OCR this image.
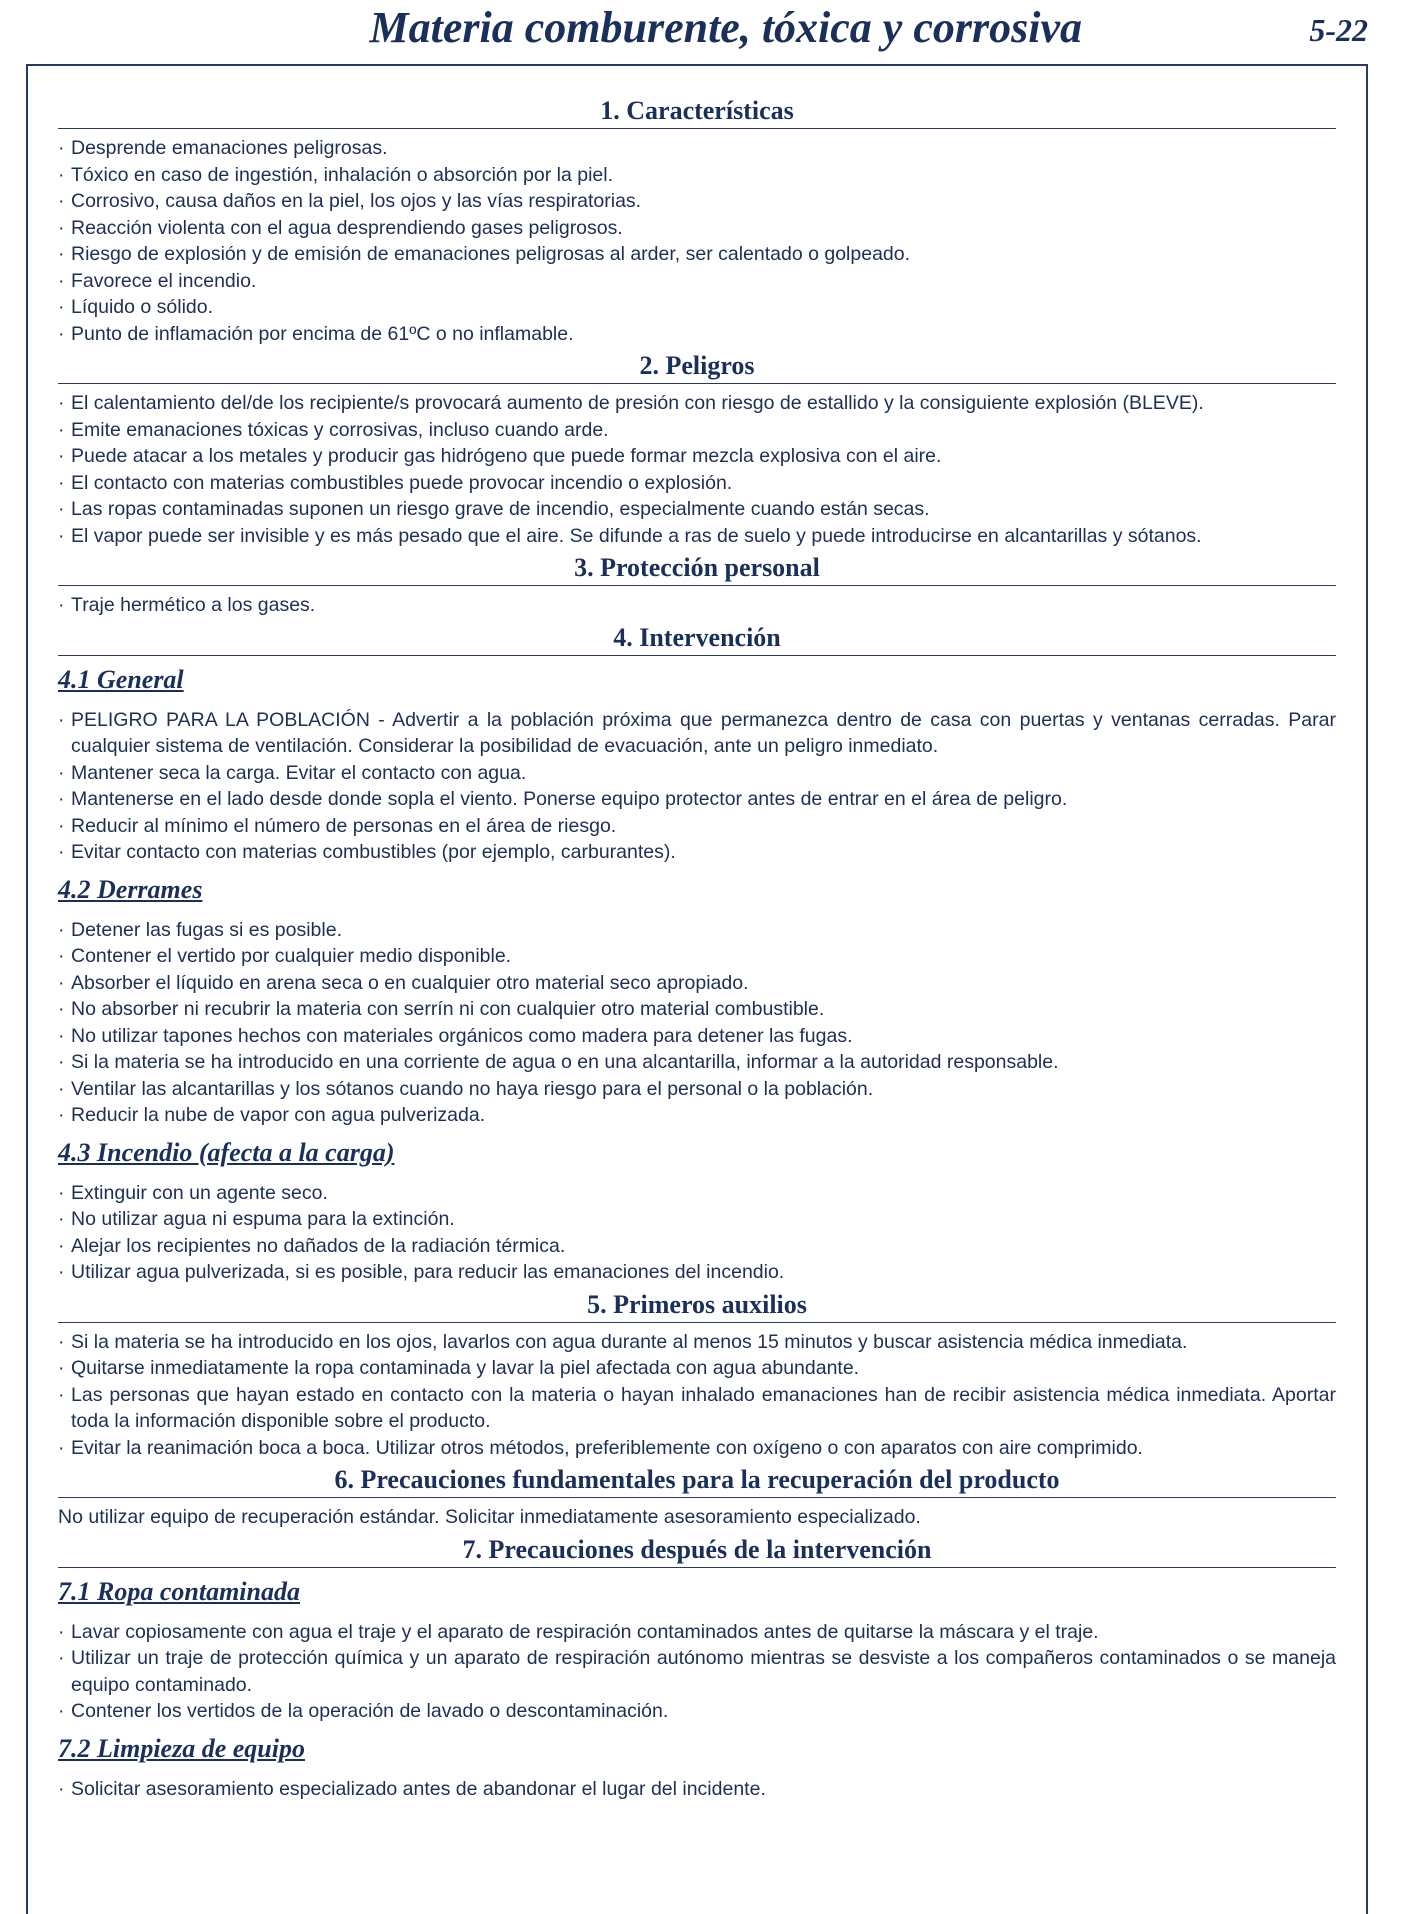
Materia comburente, tóxica y corrosiva	5-22
1. Características
· Desprende emanaciones peligrosas.
· Tóxico en caso de ingestión, inhalación o absorción por la piel.
· Corrosivo, causa daños en la piel, los ojos y las vías respiratorias.
· Reacción violenta con el agua desprendiendo gases peligrosos.
· Riesgo de explosión y de emisión de emanaciones peligrosas al arder, ser calentado o golpeado.
· Favorece el incendio.
· Líquido o sólido.
· Punto de inflamación por encima de 61ºC o no inflamable.
2. Peligros
· El calentamiento del/de los recipiente/s provocará aumento de presión con riesgo de estallido y la consiguiente explosión (BLEVE).
· Emite emanaciones tóxicas y corrosivas, incluso cuando arde.
· Puede atacar a los metales y producir gas hidrógeno que puede formar mezcla explosiva con el aire.
· El contacto con materias combustibles puede provocar incendio o explosión.
· Las ropas contaminadas suponen un riesgo grave de incendio, especialmente cuando están secas.
· El vapor puede ser invisible y es más pesado que el aire. Se difunde a ras de suelo y puede introducirse en alcantarillas y sótanos.
3. Protección personal
· Traje hermético a los gases.
4. Intervención
4.1 General
· PELIGRO PARA LA POBLACIÓN - Advertir a la población próxima que permanezca dentro de casa con puertas y ventanas cerradas. Parar cualquier sistema de ventilación. Considerar la posibilidad de evacuación, ante un peligro inmediato.
· Mantener seca la carga. Evitar el contacto con agua.
· Mantenerse en el lado desde donde sopla el viento. Ponerse equipo protector antes de entrar en el área de peligro.
· Reducir al mínimo el número de personas en el área de riesgo.
· Evitar contacto con materias combustibles (por ejemplo, carburantes).
4.2 Derrames
· Detener las fugas si es posible.
· Contener el vertido por cualquier medio disponible.
· Absorber el líquido en arena seca o en cualquier otro material seco apropiado.
· No absorber ni recubrir la materia con serrín ni con cualquier otro material combustible.
· No utilizar tapones hechos con materiales orgánicos como madera para detener las fugas.
· Si la materia se ha introducido en una corriente de agua o en una alcantarilla, informar a la autoridad responsable.
· Ventilar las alcantarillas y los sótanos cuando no haya riesgo para el personal o la población.
· Reducir la nube de vapor con agua pulverizada.
4.3 Incendio (afecta a la carga)
· Extinguir con un agente seco.
· No utilizar agua ni espuma para la extinción.
· Alejar los recipientes no dañados de la radiación térmica.
· Utilizar agua pulverizada, si es posible, para reducir las emanaciones del incendio.
5. Primeros auxilios
· Si la materia se ha introducido en los ojos, lavarlos con agua durante al menos 15 minutos y buscar asistencia médica inmediata.
· Quitarse inmediatamente la ropa contaminada y lavar la piel afectada con agua abundante.
· Las personas que hayan estado en contacto con la materia o hayan inhalado emanaciones han de recibir asistencia médica inmediata. Aportar toda la información disponible sobre el producto.
· Evitar la reanimación boca a boca. Utilizar otros métodos, preferiblemente con oxígeno o con aparatos con aire comprimido.
6. Precauciones fundamentales para la recuperación del producto
No utilizar equipo de recuperación estándar. Solicitar inmediatamente asesoramiento especializado.
7. Precauciones después de la intervención
7.1 Ropa contaminada
· Lavar copiosamente con agua el traje y el aparato de respiración contaminados antes de quitarse la máscara y el traje.
· Utilizar un traje de protección química y un aparato de respiración autónomo mientras se desviste a los compañeros contaminados o se maneja equipo contaminado.
· Contener los vertidos de la operación de lavado o descontaminación.
7.2 Limpieza de equipo
· Solicitar asesoramiento especializado antes de abandonar el lugar del incidente.
